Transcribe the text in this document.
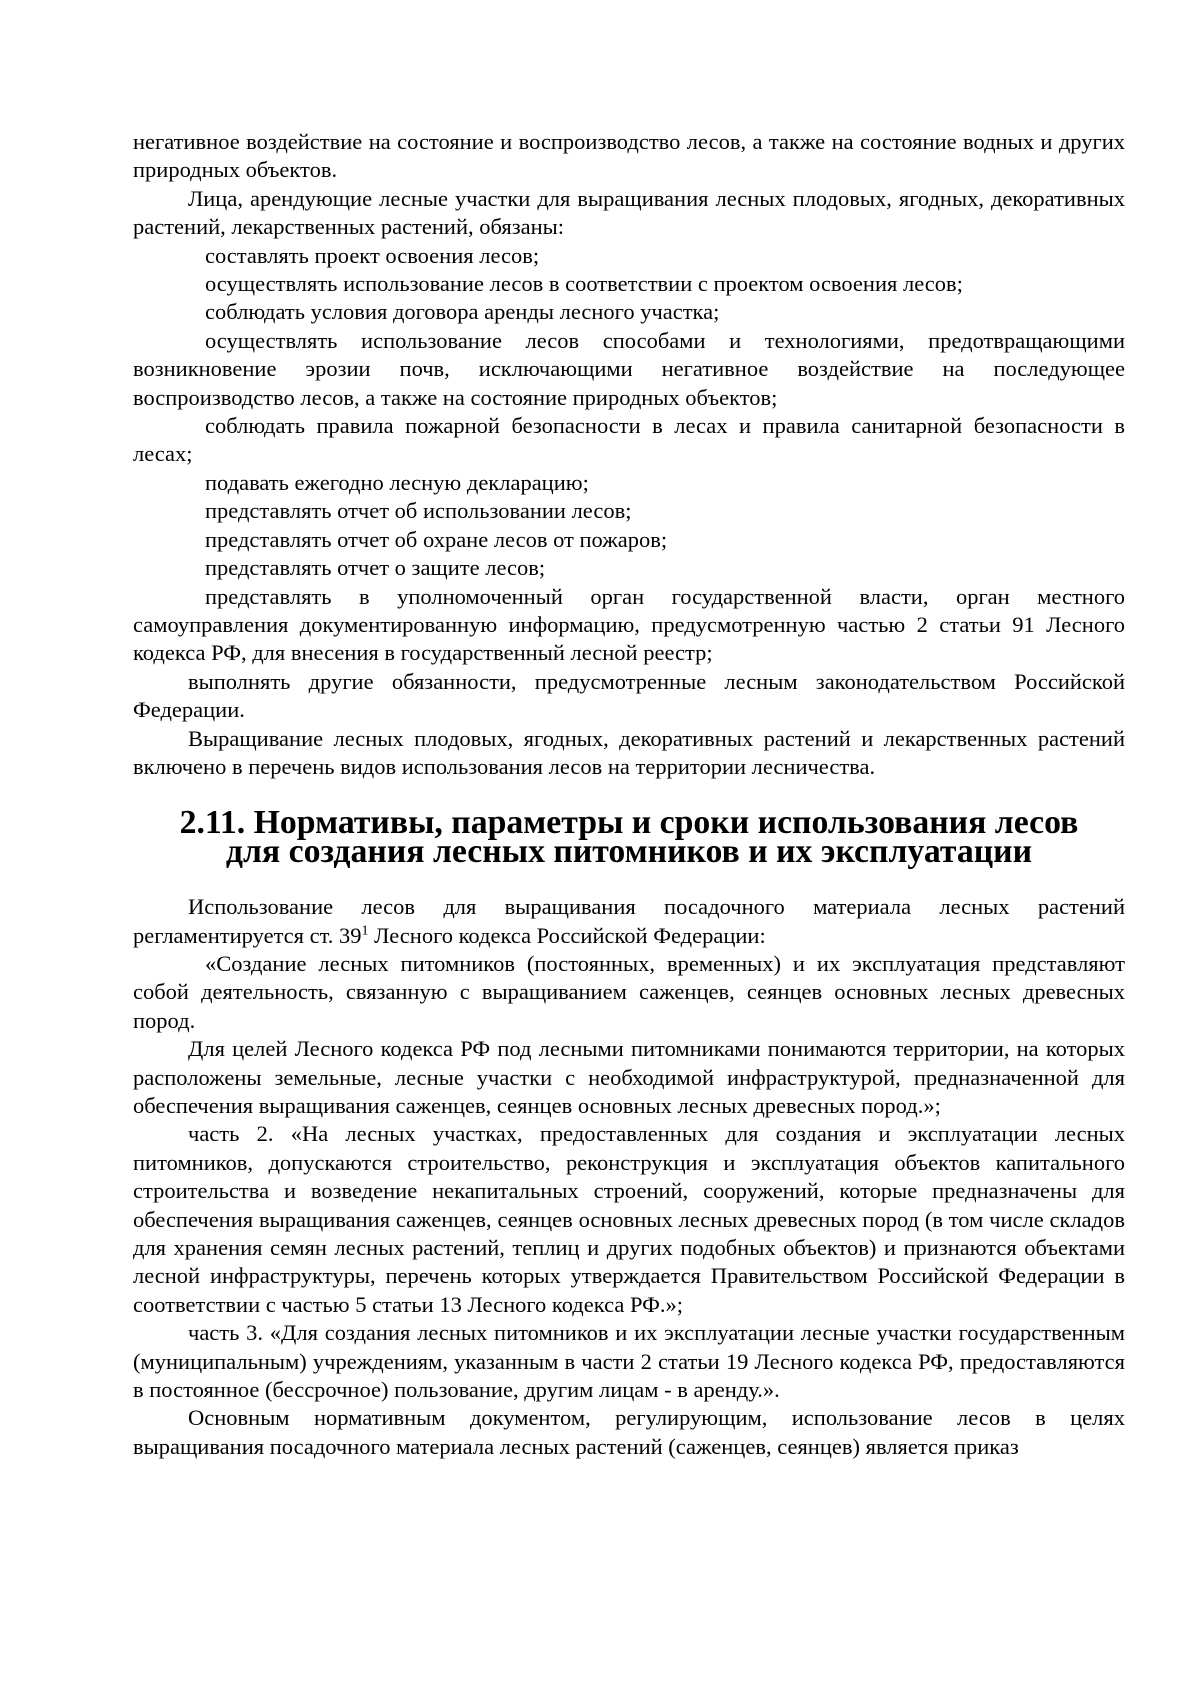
негативное воздействие на состояние и воспроизводство лесов, а также на состояние водных и других природных объектов.

Лица, арендующие лесные участки для выращивания лесных плодовых, ягодных, декоративных растений, лекарственных растений, обязаны:

составлять проект освоения лесов;

осуществлять использование лесов в соответствии с проектом освоения лесов;

соблюдать условия договора аренды лесного участка;

осуществлять использование лесов способами и технологиями, предотвращающими возникновение эрозии почв, исключающими негативное воздействие на последующее воспроизводство лесов, а также на состояние природных объектов;

соблюдать правила пожарной безопасности в лесах и правила санитарной безопасности в лесах;

подавать ежегодно лесную декларацию;

представлять отчет об использовании лесов;

представлять отчет об охране лесов от пожаров;

представлять отчет о защите лесов;

представлять в уполномоченный орган государственной власти, орган местного самоуправления документированную информацию, предусмотренную частью 2 статьи 91 Лесного кодекса РФ, для внесения в государственный лесной реестр;

выполнять другие обязанности, предусмотренные лесным законодательством Российской Федерации.

Выращивание лесных плодовых, ягодных, декоративных растений и лекарственных растений включено в перечень видов использования лесов на территории лесничества.

2.11. Нормативы, параметры и сроки использования лесов для создания лесных питомников и их эксплуатации

Использование лесов для выращивания посадочного материала лесных растений регламентируется ст. $39^1$ Лесного кодекса Российской Федерации:

«Создание лесных питомников (постоянных, временных) и их эксплуатация представляют собой деятельность, связанную с выращиванием саженцев, сеянцев основных лесных древесных пород.

Для целей Лесного кодекса РФ под лесными питомниками понимаются территории, на которых расположены земельные, лесные участки с необходимой инфраструктурой, предназначенной для обеспечения выращивания саженцев, сеянцев основных лесных древесных пород.»;

часть 2. «На лесных участках, предоставленных для создания и эксплуатации лесных питомников, допускаются строительство, реконструкция и эксплуатация объектов капитального строительства и возведение некапитальных строений, сооружений, которые предназначены для обеспечения выращивания саженцев, сеянцев основных лесных древесных пород (в том числе складов для хранения семян лесных растений, теплиц и других подобных объектов) и признаются объектами лесной инфраструктуры, перечень которых утверждается Правительством Российской Федерации в соответствии с частью 5 статьи 13 Лесного кодекса РФ.»;

часть 3. «Для создания лесных питомников и их эксплуатации лесные участки государственным (муниципальным) учреждениям, указанным в части 2 статьи 19 Лесного кодекса РФ, предоставляются в постоянное (бессрочное) пользование, другим лицам - в аренду.».

Основным нормативным документом, регулирующим, использование лесов в целях выращивания посадочного материала лесных растений (саженцев, сеянцев) является приказ
